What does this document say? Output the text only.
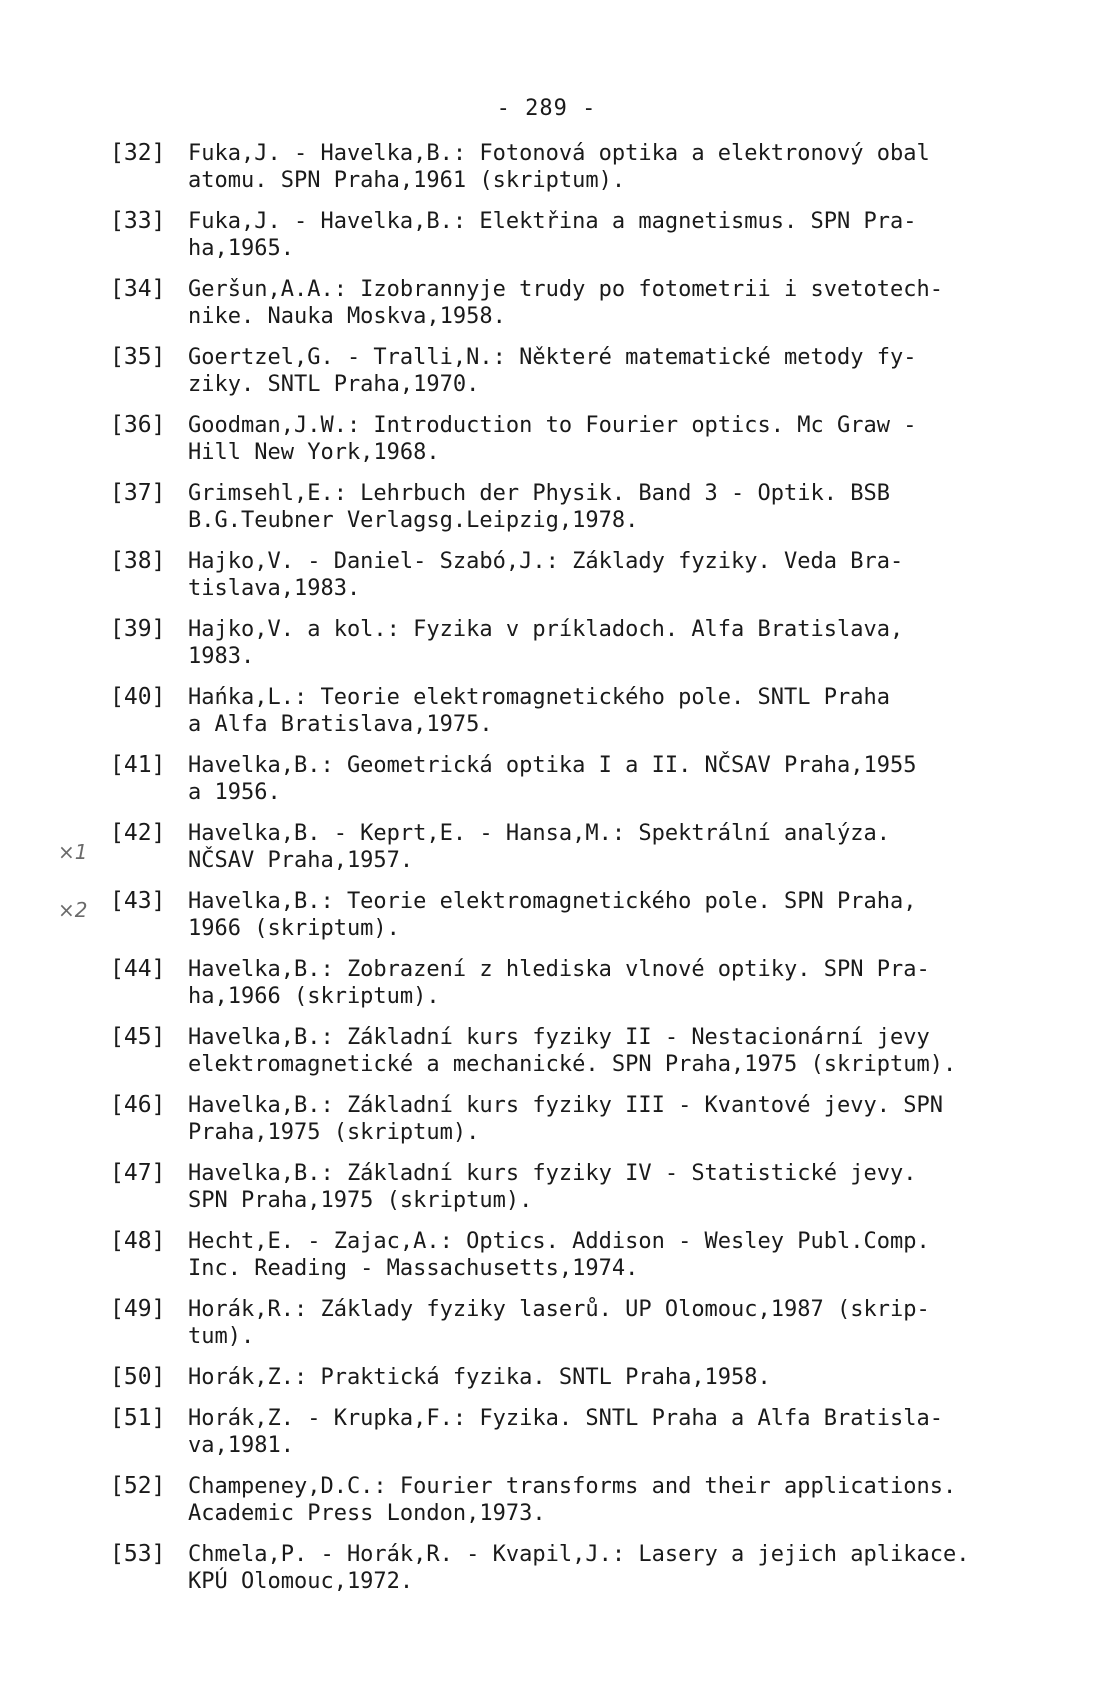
- 289 -
×1
×2
[32] Fuka,J. - Havelka,B.: Fotonová optika a elektronový obal
atomu. SPN Praha,1961 (skriptum).
[33] Fuka,J. - Havelka,B.: Elektřina a magnetismus. SPN Pra-
ha,1965.
[34] Geršun,A.A.: Izobrannyje trudy po fotometrii i svetotech-
nike. Nauka Moskva,1958.
[35] Goertzel,G. - Tralli,N.: Některé matematické metody fy-
ziky. SNTL Praha,1970.
[36] Goodman,J.W.: Introduction to Fourier optics. Mc Graw -
Hill New York,1968.
[37] Grimsehl,E.: Lehrbuch der Physik. Band 3 - Optik. BSB
B.G.Teubner Verlagsg.Leipzig,1978.
[38] Hajko,V. - Daniel- Szabó,J.: Základy fyziky. Veda Bra-
tislava,1983.
[39] Hajko,V. a kol.: Fyzika v príkladoch. Alfa Bratislava,
1983.
[40] Hańka,L.: Teorie elektromagnetického pole. SNTL Praha
a Alfa Bratislava,1975.
[41] Havelka,B.: Geometrická optika I a II. NČSAV Praha,1955
a 1956.
[42] Havelka,B. - Keprt,E. - Hansa,M.: Spektrální analýza.
NČSAV Praha,1957.
[43] Havelka,B.: Teorie elektromagnetického pole. SPN Praha,
1966 (skriptum).
[44] Havelka,B.: Zobrazení z hlediska vlnové optiky. SPN Pra-
ha,1966 (skriptum).
[45] Havelka,B.: Základní kurs fyziky II - Nestacionární jevy
elektromagnetické a mechanické. SPN Praha,1975 (skriptum).
[46] Havelka,B.: Základní kurs fyziky III - Kvantové jevy. SPN
Praha,1975 (skriptum).
[47] Havelka,B.: Základní kurs fyziky IV - Statistické jevy.
SPN Praha,1975 (skriptum).
[48] Hecht,E. - Zajac,A.: Optics. Addison - Wesley Publ.Comp.
Inc. Reading - Massachusetts,1974.
[49] Horák,R.: Základy fyziky laserů. UP Olomouc,1987 (skrip-
tum).
[50] Horák,Z.: Praktická fyzika. SNTL Praha,1958.
[51] Horák,Z. - Krupka,F.: Fyzika. SNTL Praha a Alfa Bratisla-
va,1981.
[52] Champeney,D.C.: Fourier transforms and their applications.
Academic Press London,1973.
[53] Chmela,P. - Horák,R. - Kvapil,J.: Lasery a jejich aplikace.
KPÚ Olomouc,1972.
